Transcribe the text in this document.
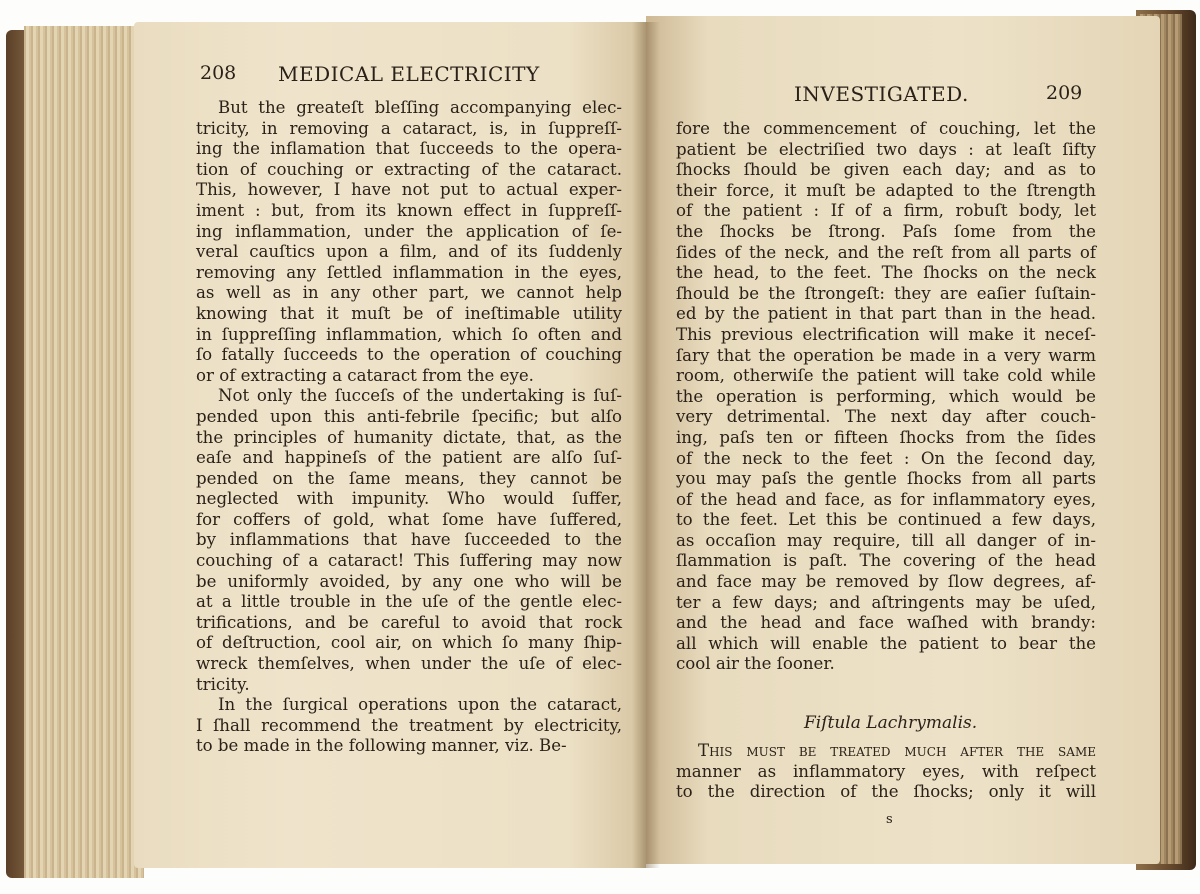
208 MEDICAL ELECTRICITY
But the greateſt bleſſing accompanying elec-
tricity, in removing a cataract, is, in ſuppreſſ-
ing the inflamation that ſucceeds to the opera-
tion of couching or extracting of the cataract.
This, however, I have not put to actual exper-
iment : but, from its known effect in ſuppreſſ-
ing inflammation, under the application of ſe-
veral cauſtics upon a film, and of its ſuddenly
removing any ſettled inflammation in the eyes,
as well as in any other part, we cannot help
knowing that it muſt be of ineſtimable utility
in ſuppreſſing inflammation, which ſo often and
ſo fatally ſucceeds to the operation of couching
or of extracting a cataract from the eye.
Not only the ſucceſs of the undertaking is ſuſ-
pended upon this anti-febrile ſpecific; but alſo
the principles of humanity dictate, that, as the
eaſe and happineſs of the patient are alſo ſuſ-
pended on the ſame means, they cannot be
neglected with impunity. Who would ſuffer,
for coffers of gold, what ſome have ſuffered,
by inflammations that have ſucceeded to the
couching of a cataract! This ſuffering may now
be uniformly avoided, by any one who will be
at a little trouble in the uſe of the gentle elec-
trifications, and be careful to avoid that rock
of deſtruction, cool air, on which ſo many ſhip-
wreck themſelves, when under the uſe of elec-
tricity.
In the ſurgical operations upon the cataract,
I ſhall recommend the treatment by electricity,
to be made in the following manner, viz. Be-
INVESTIGATED.	209
fore the commencement of couching, let the
patient be electriſied two days : at leaſt ſifty
ſhocks ſhould be given each day; and as to
their force, it muſt be adapted to the ſtrength
of the patient : If of a firm, robuſt body, let
the ſhocks be ſtrong. Paſs ſome from the
ſides of the neck, and the reſt from all parts of
the head, to the feet. The ſhocks on the neck
ſhould be the ſtrongeſt: they are eaſier ſuſtain-
ed by the patient in that part than in the head.
This previous electrification will make it neceſ-
ſary that the operation be made in a very warm
room, otherwiſe the patient will take cold while
the operation is performing, which would be
very detrimental. The next day after couch-
ing, paſs ten or fifteen ſhocks from the ſides
of the neck to the feet : On the ſecond day,
you may paſs the gentle ſhocks from all parts
of the head and face, as for inflammatory eyes,
to the feet. Let this be continued a few days,
as occaſion may require, till all danger of in-
ſlammation is paſt. The covering of the head
and face may be removed by ſlow degrees, af-
ter a few days; and aſtringents may be uſed,
and the head and face waſhed with brandy:
all which will enable the patient to bear the
cool air the ſooner.
Fiſtula Lachrymalis.
This muſt be treated much after the ſame
manner as inflammatory eyes, with reſpect
to the direction of the ſhocks; only it will
s
